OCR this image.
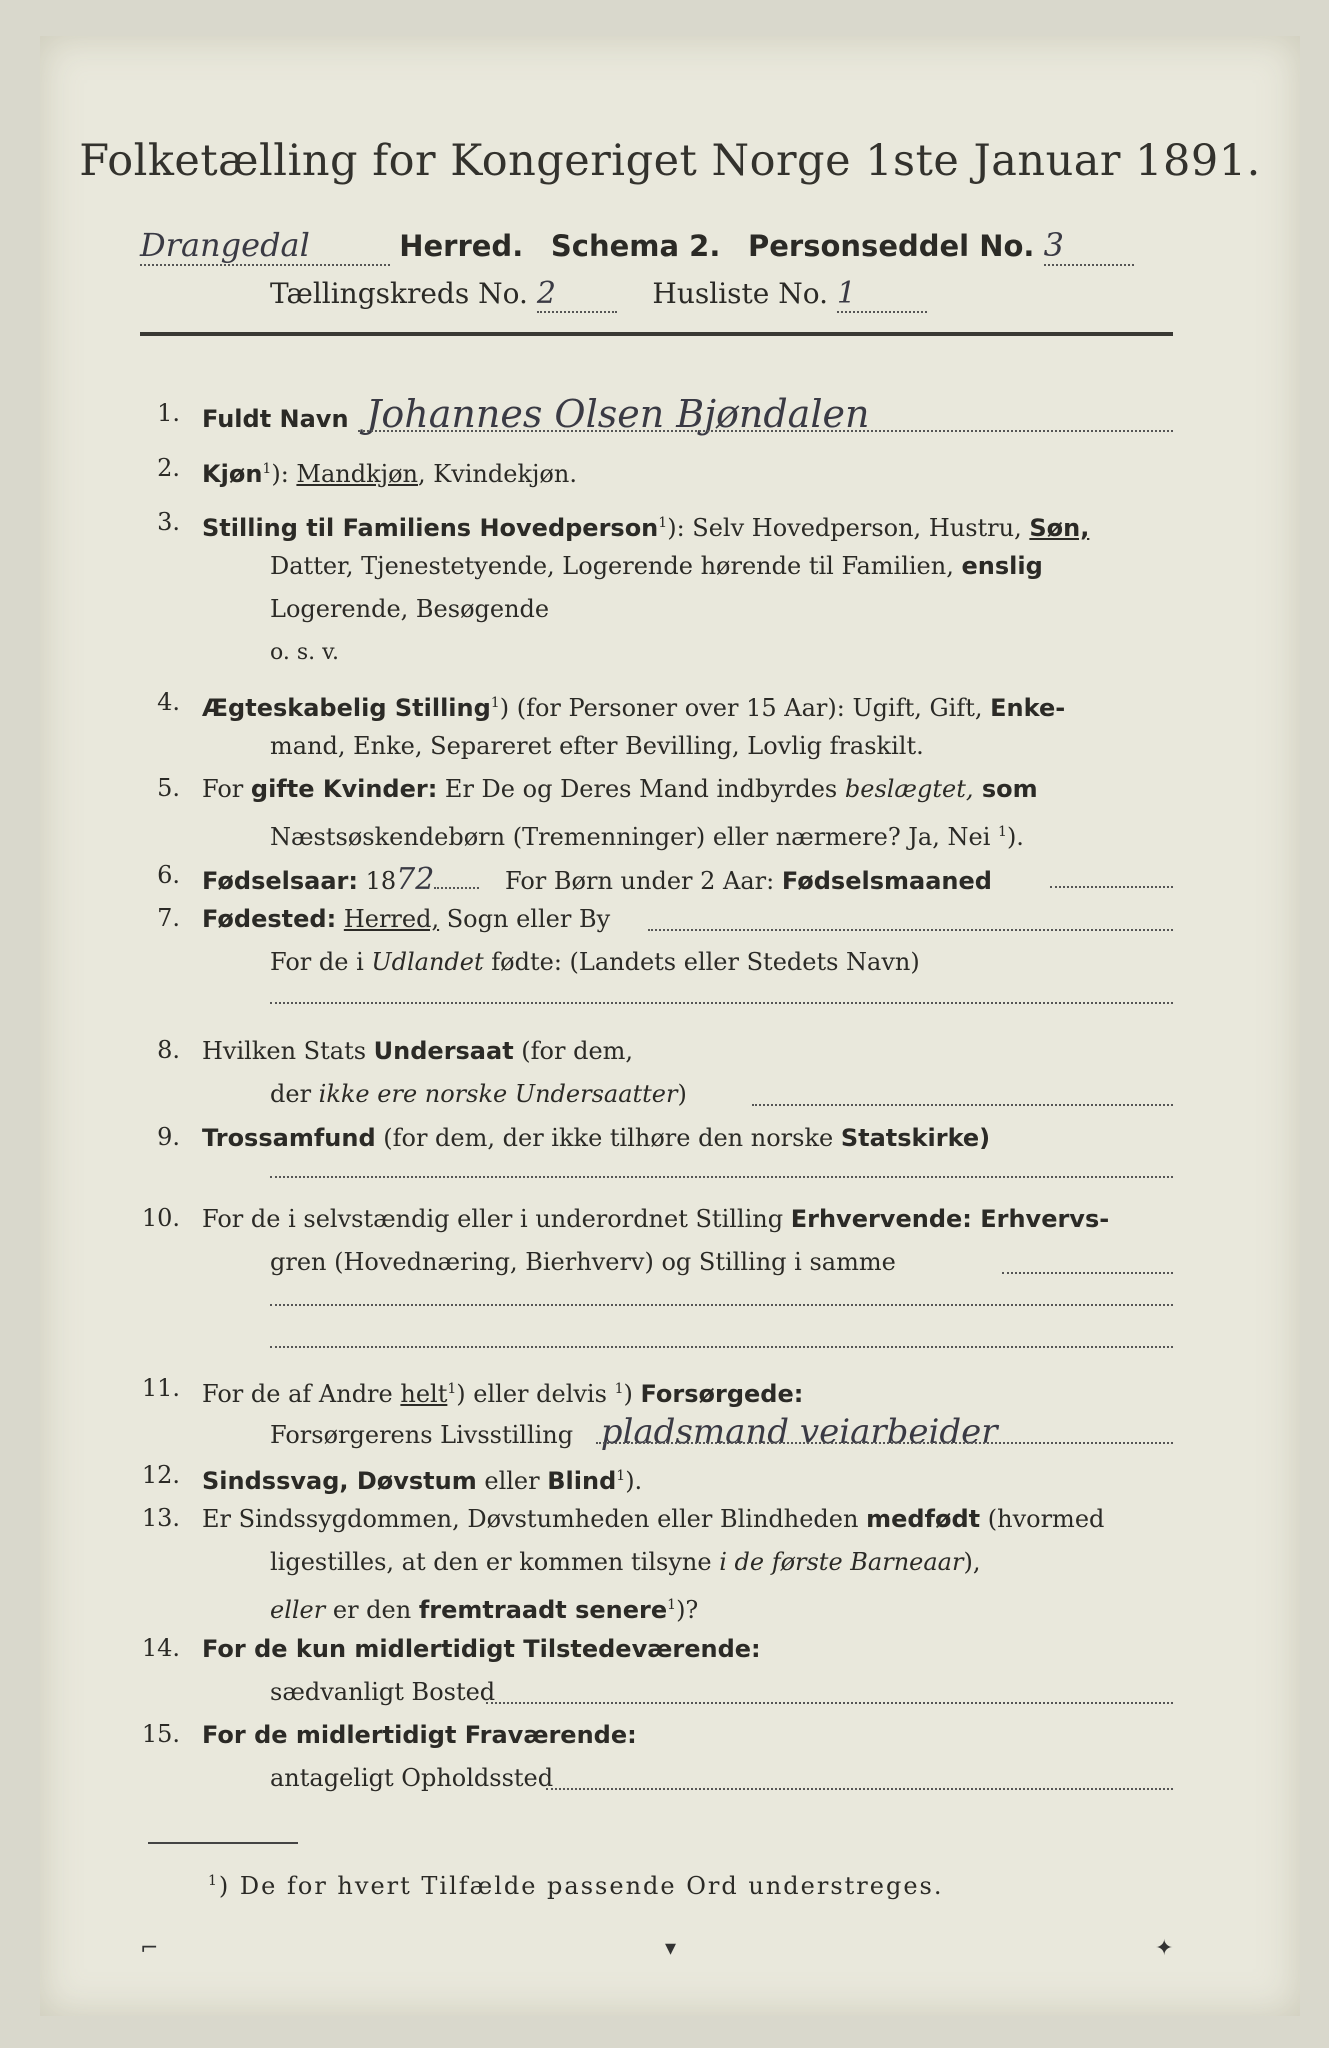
Folketælling for Kongeriget Norge 1ste Januar 1891.
Drangedal	Herred. Schema 2. Personseddel No. 3
Tællingskreds No. 2	Husliste No. 1
1. Fuldt Navn Johannes Olsen Bjøndalen
2. Kjøn$^1$): Mandkjøn, Kvindekjøn.
3. Stilling til Familiens Hovedperson$^1$): Selv Hovedperson, Hustru, Søn,
Datter, Tjenestetyende, Logerende hørende til Familien, enslig
Logerende, Besøgende
o. s. v.
4. Ægteskabelig Stilling$^1$) (for Personer over 15 Aar): Ugift, Gift, Enke-
mand, Enke, Separeret efter Bevilling, Lovlig fraskilt.
5. For gifte Kvinder: Er De og Deres Mand indbyrdes beslægtet, som
Næstsøskendebørn (Tremenninger) eller nærmere? Ja, Nei $^1$).
6. Fødselsaar: 1872	For Børn under 2 Aar: Fødselsmaaned
7. Fødested: Herred, Sogn eller By
For de i Udlandet fødte: (Landets eller Stedets Navn)
8. Hvilken Stats Undersaat (for dem,
der ikke ere norske Undersaatter)
9. Trossamfund (for dem, der ikke tilhøre den norske Statskirke)
10. For de i selvstændig eller i underordnet Stilling Erhvervende: Erhvervs-
gren (Hovednæring, Bierhverv) og Stilling i samme
11. For de af Andre helt$^1$) eller delvis $^1$) Forsørgede:
Forsørgerens Livsstilling pladsmand veiarbeider
12. Sindssvag, Døvstum eller Blind$^1$).
13. Er Sindssygdommen, Døvstumheden eller Blindheden medfødt (hvormed
ligestilles, at den er kommen tilsyne i de første Barneaar),
eller er den fremtraadt senere$^1$)?
14. For de kun midlertidigt Tilstedeværende:
sædvanligt Bosted
15. For de midlertidigt Fraværende:
antageligt Opholdssted
$^1$) De for hvert Tilfælde passende Ord understreges.
⌐	▾	✦
